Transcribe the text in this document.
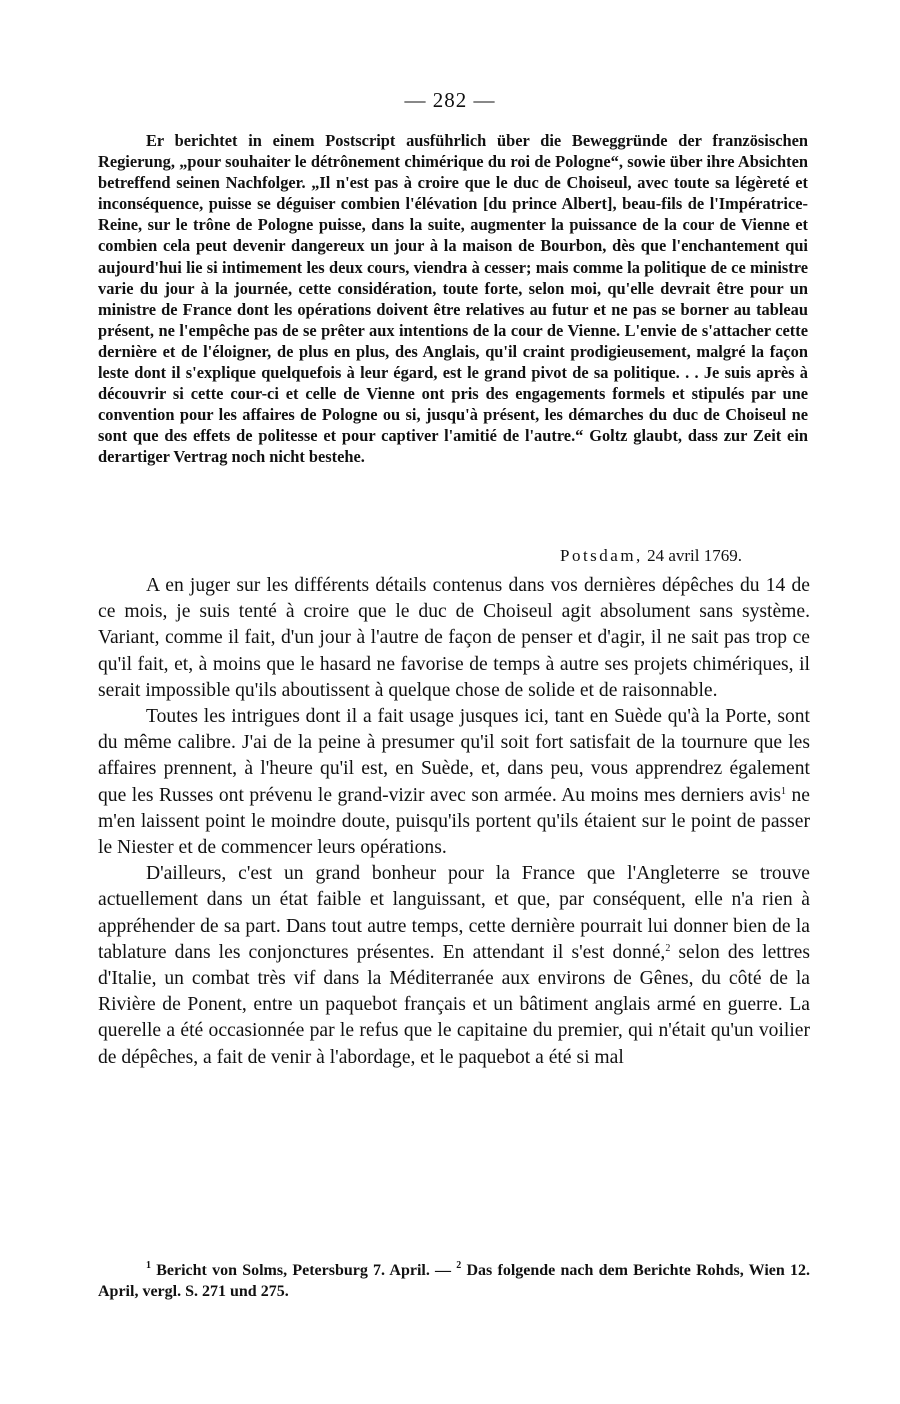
— 282 —

Er berichtet in einem Postscript ausführlich über die Beweggründe der französischen Regierung, „pour souhaiter le détrônement chimérique du roi de Pologne“, sowie über ihre Absichten betreffend seinen Nachfolger. „Il n'est pas à croire que le duc de Choiseul, avec toute sa légèreté et inconséquence, puisse se déguiser combien l'élévation [du prince Albert], beau-fils de l'Impératrice-Reine, sur le trône de Pologne puisse, dans la suite, augmenter la puissance de la cour de Vienne et combien cela peut devenir dangereux un jour à la maison de Bourbon, dès que l'enchantement qui aujourd'hui lie si intimement les deux cours, viendra à cesser; mais comme la politique de ce ministre varie du jour à la journée, cette considération, toute forte, selon moi, qu'elle devrait être pour un ministre de France dont les opérations doivent être relatives au futur et ne pas se borner au tableau présent, ne l'empêche pas de se prêter aux intentions de la cour de Vienne. L'envie de s'attacher cette dernière et de l'éloigner, de plus en plus, des Anglais, qu'il craint prodigieusement, malgré la façon leste dont il s'explique quelquefois à leur égard, est le grand pivot de sa politique. . . Je suis après à découvrir si cette cour-ci et celle de Vienne ont pris des engagements formels et stipulés par une convention pour les affaires de Pologne ou si, jusqu'à présent, les démarches du duc de Choiseul ne sont que des effets de politesse et pour captiver l'amitié de l'autre.“ Goltz glaubt, dass zur Zeit ein derartiger Vertrag noch nicht bestehe.

Potsdam, 24 avril 1769.

A en juger sur les différents détails contenus dans vos dernières dépêches du 14 de ce mois, je suis tenté à croire que le duc de Choiseul agit absolument sans système. Variant, comme il fait, d'un jour à l'autre de façon de penser et d'agir, il ne sait pas trop ce qu'il fait, et, à moins que le hasard ne favorise de temps à autre ses projets chimériques, il serait impossible qu'ils aboutissent à quelque chose de solide et de raisonnable.

Toutes les intrigues dont il a fait usage jusques ici, tant en Suède qu'à la Porte, sont du même calibre. J'ai de la peine à presumer qu'il soit fort satisfait de la tournure que les affaires prennent, à l'heure qu'il est, en Suède, et, dans peu, vous apprendrez également que les Russes ont prévenu le grand-vizir avec son armée. Au moins mes derniers avis$^1$ ne m'en laissent point le moindre doute, puisqu'ils portent qu'ils étaient sur le point de passer le Niester et de commencer leurs opérations.

D'ailleurs, c'est un grand bonheur pour la France que l'Angleterre se trouve actuellement dans un état faible et languissant, et que, par conséquent, elle n'a rien à appréhender de sa part. Dans tout autre temps, cette dernière pourrait lui donner bien de la tablature dans les conjonctures présentes. En attendant il s'est donné,$^2$ selon des lettres d'Italie, un combat très vif dans la Méditerranée aux environs de Gênes, du côté de la Rivière de Ponent, entre un paquebot français et un bâtiment anglais armé en guerre. La querelle a été occasionnée par le refus que le capitaine du premier, qui n'était qu'un voilier de dépêches, a fait de venir à l'abordage, et le paquebot a été si mal

$^1$ Bericht von Solms, Petersburg 7. April. — $^2$ Das folgende nach dem Berichte Rohds, Wien 12. April, vergl. S. 271 und 275.
